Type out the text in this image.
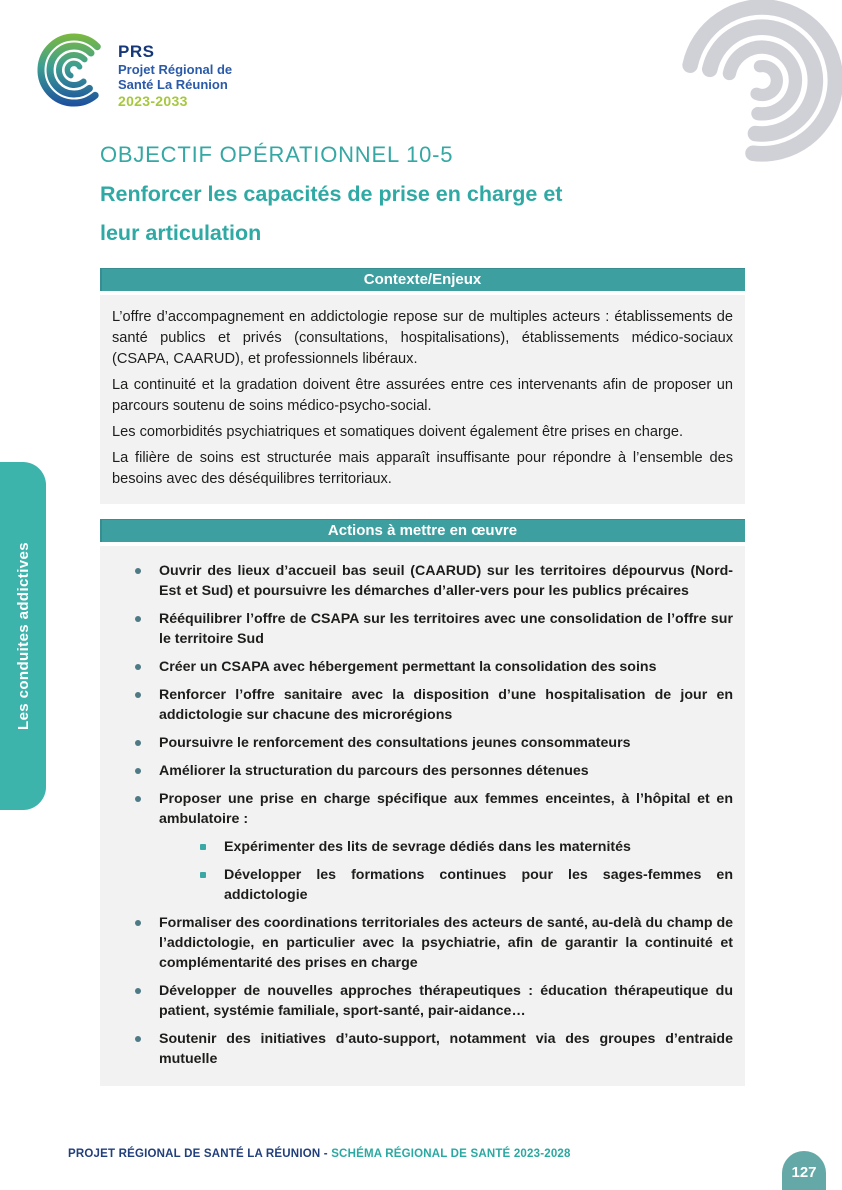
PRS
Projet Régional de
Santé La Réunion
2023-2033
Les conduites addictives
OBJECTIF OPÉRATIONNEL 10-5
Renforcer les capacités de prise en charge et
leur articulation
Contexte/Enjeux

L’offre d’accompagnement en addictologie repose sur de multiples acteurs : établissements de santé publics et privés (consultations, hospitalisations), établissements médico-sociaux (CSAPA, CAARUD), et professionnels libéraux.

La continuité et la gradation doivent être assurées entre ces intervenants afin de proposer un parcours soutenu de soins médico-psycho-social.

Les comorbidités psychiatriques et somatiques doivent également être prises en charge.

La filière de soins est structurée mais apparaît insuffisante pour répondre à l’ensemble des besoins avec des déséquilibres territoriaux.

Actions à mettre en œuvre
Ouvrir des lieux d’accueil bas seuil (CAARUD) sur les territoires dépourvus (Nord-Est et Sud) et poursuivre les démarches d’aller-vers pour les publics précaires
Rééquilibrer l’offre de CSAPA sur les territoires avec une consolidation de l’offre sur le territoire Sud
Créer un CSAPA avec hébergement permettant la consolidation des soins
Renforcer l’offre sanitaire avec la disposition d’une hospitalisation de jour en addictologie sur chacune des microrégions
Poursuivre le renforcement des consultations jeunes consommateurs
Améliorer la structuration du parcours des personnes détenues
Proposer une prise en charge spécifique aux femmes enceintes, à l’hôpital et en ambulatoire :
Expérimenter des lits de sevrage dédiés dans les maternités
Développer les formations continues pour les sages-femmes en addictologie
Formaliser des coordinations territoriales des acteurs de santé, au-delà du champ de l’addictologie, en particulier avec la psychiatrie, afin de garantir la continuité et complémentarité des prises en charge
Développer de nouvelles approches thérapeutiques : éducation thérapeutique du patient, systémie familiale, sport-santé, pair-aidance…
Soutenir des initiatives d’auto-support, notamment via des groupes d’entraide mutuelle
PROJET RÉGIONAL DE SANTÉ LA RÉUNION - SCHÉMA RÉGIONAL DE SANTÉ 2023-2028
127
